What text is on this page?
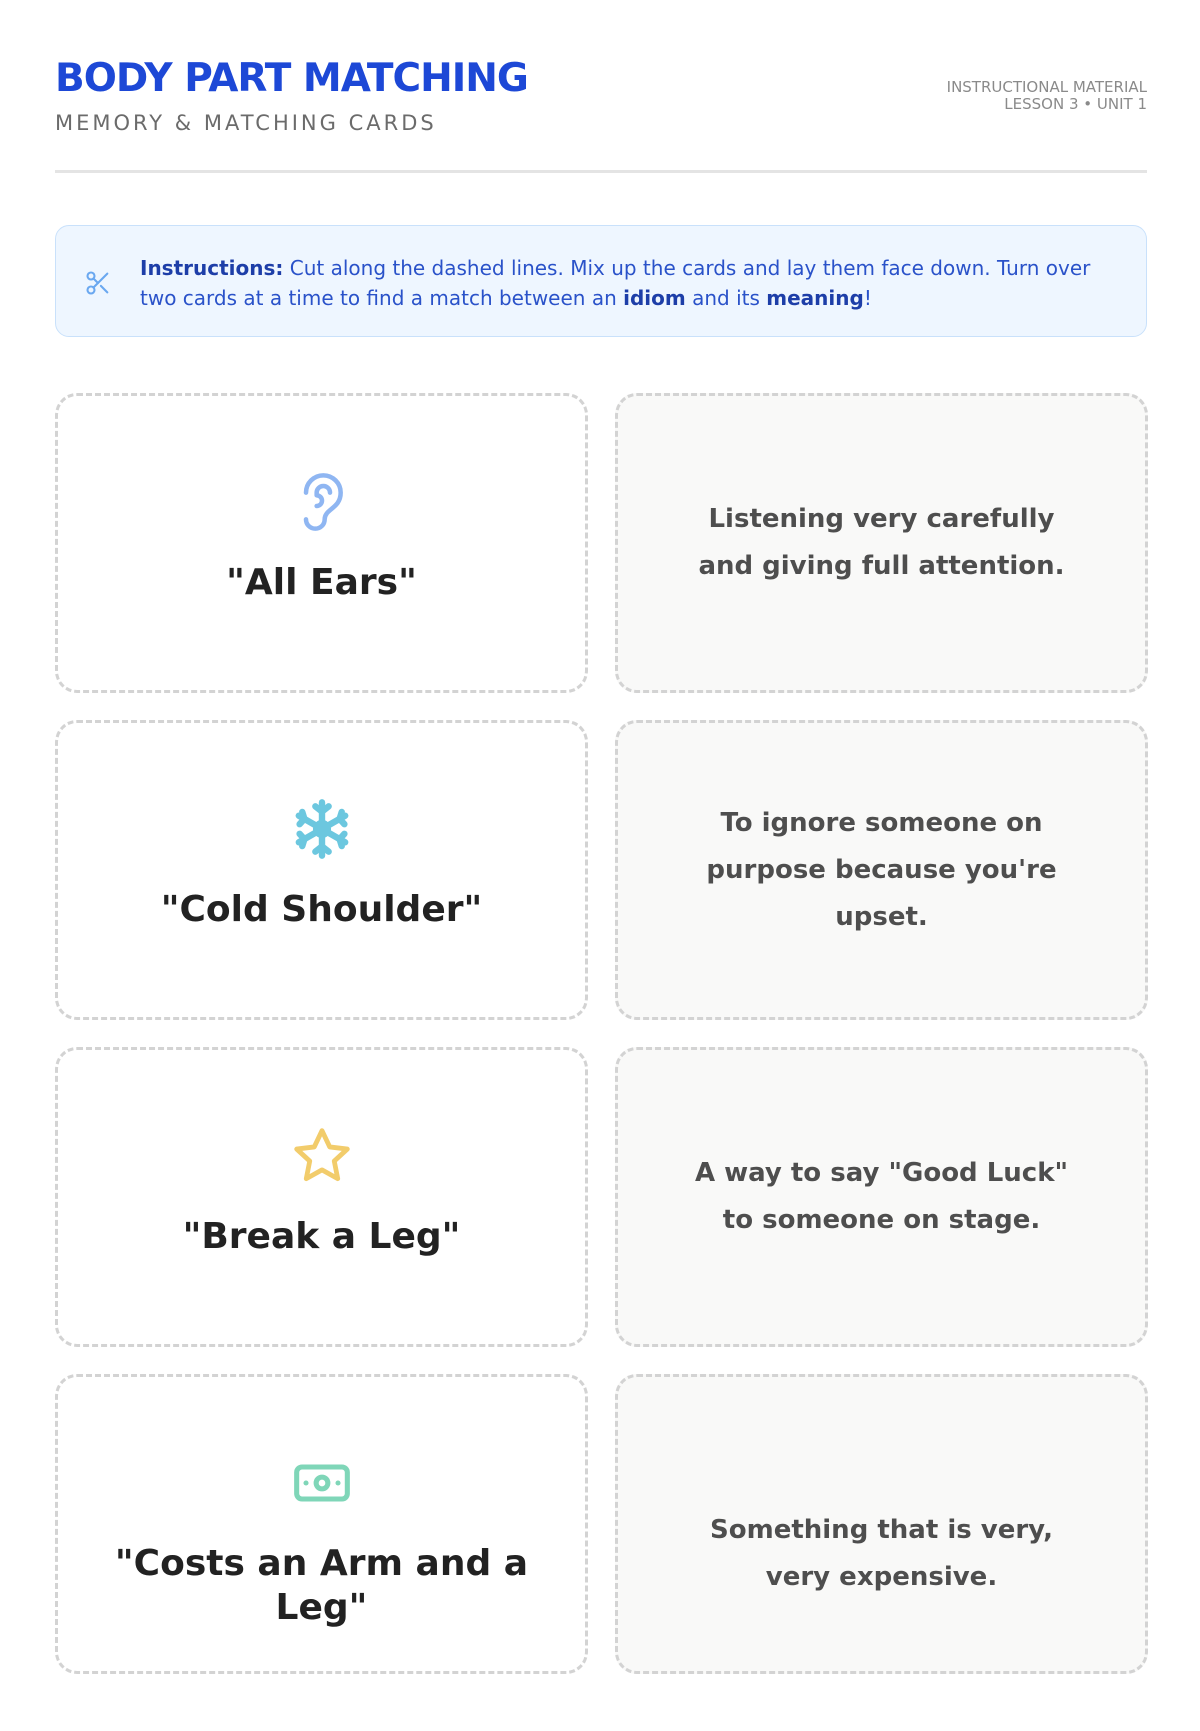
BODY PART MATCHING
MEMORY & MATCHING CARDS
INSTRUCTIONAL MATERIAL
LESSON 3 • UNIT 1
Instructions: Cut along the dashed lines. Mix up the cards and lay them face down. Turn over two cards at a time to find a match between an idiom and its meaning!
"All Ears"
Listening very carefully and giving full attention.
"Cold Shoulder"
To ignore someone on purpose because you're upset.
"Break a Leg"
A way to say "Good Luck" to someone on stage.
"Costs an Arm and a Leg"
Something that is very, very expensive.
